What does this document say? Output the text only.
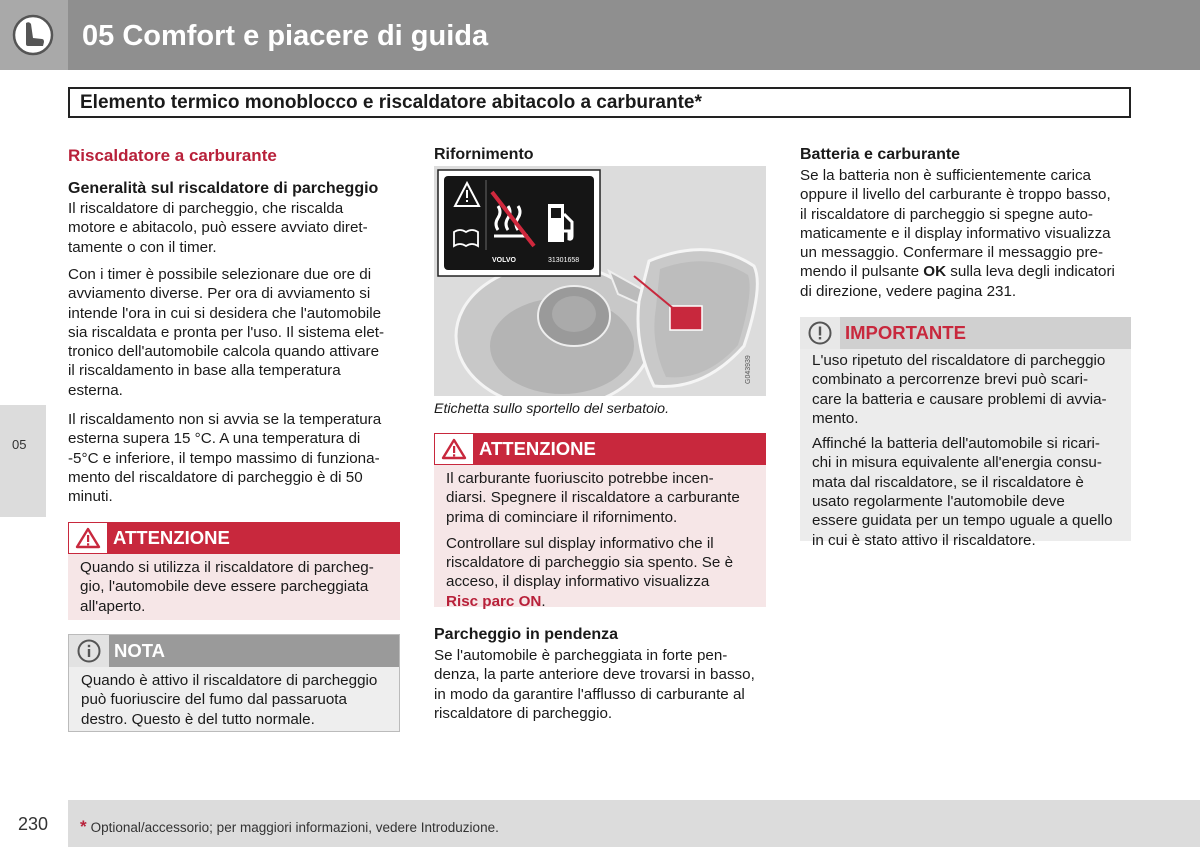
05 Comfort e piacere di guida
05
Elemento termico monoblocco e riscaldatore abitacolo a carburante*
Riscaldatore a carburante
Generalità sul riscaldatore di parcheggio
Il riscaldatore di parcheggio, che riscalda
motore e abitacolo, può essere avviato diret-
tamente o con il timer.
Con i timer è possibile selezionare due ore di
avviamento diverse. Per ora di avviamento si
intende l'ora in cui si desidera che l'automobile
sia riscaldata e pronta per l'uso. Il sistema elet-
tronico dell'automobile calcola quando attivare
il riscaldamento in base alla temperatura
esterna.
Il riscaldamento non si avvia se la temperatura
esterna supera 15 °C. A una temperatura di
-5°C e inferiore, il tempo massimo di funziona-
mento del riscaldatore di parcheggio è di 50
minuti.
ATTENZIONE
Quando si utilizza il riscaldatore di parcheg-
gio, l'automobile deve essere parcheggiata
all'aperto.
NOTA
Quando è attivo il riscaldatore di parcheggio
può fuoriuscire del fumo dal passaruota
destro. Questo è del tutto normale.
Rifornimento
VOLVO	31301658
G043939
Etichetta sullo sportello del serbatoio.
ATTENZIONE
Il carburante fuoriuscito potrebbe incen-
diarsi. Spegnere il riscaldatore a carburante
prima di cominciare il rifornimento.
Controllare sul display informativo che il
riscaldatore di parcheggio sia spento. Se è
acceso, il display informativo visualizza
Risc parc ON.
Parcheggio in pendenza
Se l'automobile è parcheggiata in forte pen-
denza, la parte anteriore deve trovarsi in basso,
in modo da garantire l'afflusso di carburante al
riscaldatore di parcheggio.
Batteria e carburante
Se la batteria non è sufficientemente carica
oppure il livello del carburante è troppo basso,
il riscaldatore di parcheggio si spegne auto-
maticamente e il display informativo visualizza
un messaggio. Confermare il messaggio pre-
mendo il pulsante OK sulla leva degli indicatori
di direzione, vedere pagina 231.
IMPORTANTE
L'uso ripetuto del riscaldatore di parcheggio
combinato a percorrenze brevi può scari-
care la batteria e causare problemi di avvia-
mento.
Affinché la batteria dell'automobile si ricari-
chi in misura equivalente all'energia consu-
mata dal riscaldatore, se il riscaldatore è
usato regolarmente l'automobile deve
essere guidata per un tempo uguale a quello
in cui è stato attivo il riscaldatore.
230 * Optional/accessorio; per maggiori informazioni, vedere Introduzione.
